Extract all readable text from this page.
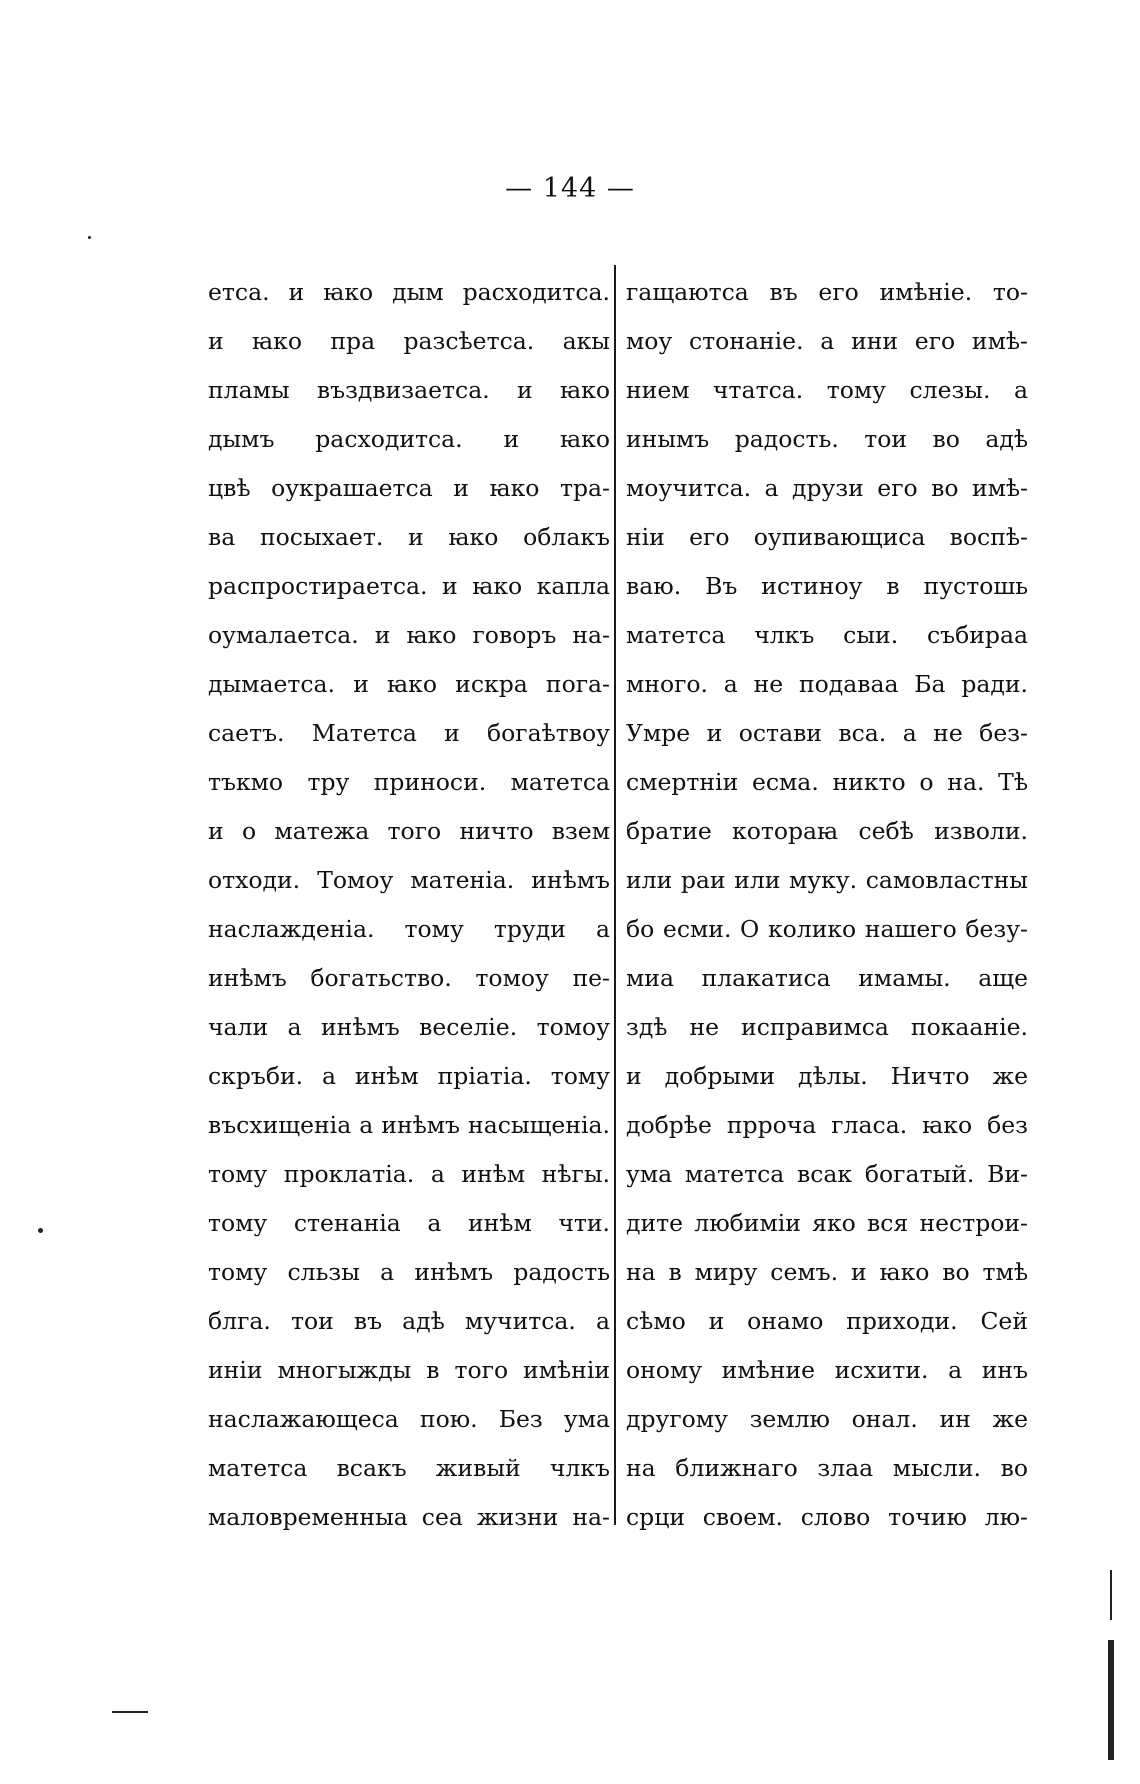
— 144 —
етса. и ꙗко дым расходитса.
и ꙗко пра разсѣетса. акы
пламы въздвизаетса. и ꙗко
дымъ расходитса. и ꙗко
цвѣ оукрашаетса и ꙗко тра-
ва посыхает. и ꙗко облакъ
распростираетса. и ꙗко капла
оумалаетса. и ꙗко говоръ на-
дымаетса. и ꙗко искра пога-
саетъ. Матетса и богаѣтвоу
тъкмо тру приноси. матетса
и о матежа того ничто взем
отходи. Томоу матеніа. инѣмъ
наслажденіа. тому труди а
инѣмъ богатьство. томоу пе-
чали а инѣмъ веселіе. томоу
скръби. а инѣм пріатіа. тому
въсхищеніа а инѣмъ насыщеніа.
тому проклатіа. а инѣм нѣгы.
тому стенаніа а инѣм чти.
тому сльзы а инѣмъ радость
блга. тои въ адѣ мучитса. а
иніи многыжды в того имѣніи
наслажающеса пою. Без ума
матетса всакъ живый члкъ
маловременныа сеа жизни на-
гащаютса въ его имѣніе. то-
моу стонаніе. а ини его имѣ-
нием чтатса. тому слезы. а
инымъ радость. тои во адѣ
моучитса. а друзи его во имѣ-
ніи его оупивающиса воспѣ-
ваю. Въ истиноу в пустошь
матетса члкъ сыи. събираа
много. а не подаваа Ба ради.
Умре и остави вса. а не без-
смертніи есма. никто о на. Тѣ
братие котораꙗ себѣ изволи.
или раи или муку. самовластны
бо есми. О колико нашего безу-
миа плакатиса имамы. аще
здѣ не исправимса покааніе.
и добрыми дѣлы. Ничто же
добрѣе прроча гласа. ꙗко без
ума матетса всак богатый. Ви-
дите любимiи яко вся нестрои-
на в миру семъ. и ꙗко во тмѣ
сѣмо и онамо приходи. Сей
оному имѣние исхити. а инъ
другому землю онал. ин же
на ближнаго злаа мысли. во
срци своем. слово точию лю-
